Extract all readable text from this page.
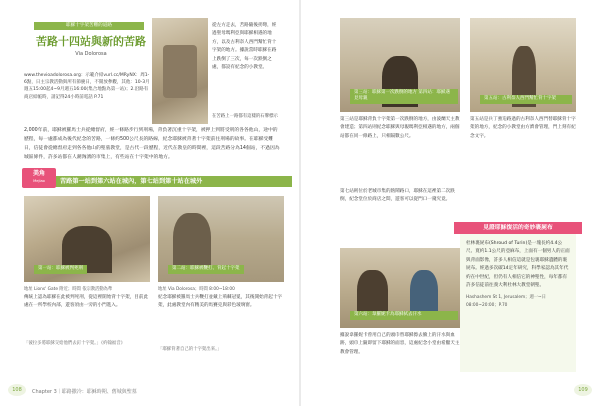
耶穌十字架苦難的道路
苦路十四站與新的苦路
Via Dolorosa
從左方走去，苦路隨後拐彎，經過聖母瑪利亞與耶穌相遇的地方，以及古利奈人西門幫忙背十字架的地方。據說當時耶穌在路上跌倒了三次，每一次跌倒之處，都設有紀念的小教堂。
在苦路上一路都有這樣的石牌標示
www.thevioadolorosa.org：示範介紹vurl.cc/MRyNX：周1-6點，日主宗教活動與所有節慶日，不開放參觀，其他：10-3月週五15:00起4~9月週五16:00(集合地點為第一站)；2.沿路有商店結帳時，請記得24小時前電話 P.71
2,000年前，耶穌被羅馬士兵從總督府，經一條路步行到刑場，背負著沉重十字架，被押上到將受刑的各各他山，途中的歷程，每一處都成為後代紀念的苦路，一條約500公尺長的路線，紀念耶穌被背著十字架前往刑場的故事。在耶穌受難日，信徒會從總督府走到各各他山的聖墓教堂，是古代一段歷程，近代在教皇的時間裡，這段苦路分為14個站，不過因為城區條件，許多站都在人潮洶湧的市集上，有些站在十字架中的地方。
美角
Mejiao	苦路第一站到第六站在城內，第七站到第十站在城外
第一站：耶穌被判死刑	第二站：耶穌被鞭打、背起十字架
地址 Lions' Gate 附近；時間 依宗教活動為準
傳統上認為耶穌在此被判死刑，從這裡開始背十字架，目前此處在一所學校內部，遊客須由一旁的小門進入。
地址 Via Dolorosa；時間 8:00~18:00
紀念耶穌被羅馬士兵鞭打並戴上荊棘冠冕，其後開始背起十字架，此處教堂內有精美的馬賽克與彩色玻璃窗。
「彼拉多將耶穌交給他們去釘十字架。」《約翰福音》
「耶穌背著自己的十字架出來。」
108	Chapter 3｜耶路撒冷：耶穌時期、舊城與聖墓
第三站：耶穌第一次跌倒的地方 第四站：耶穌遇見母親	第五站：古利奈人西門幫忙背十字架
第三站是耶穌背負十字架第一次跌倒的地方，由波蘭天主教會建造；第四站則紀念耶穌與母親瑪利亞相遇的地方，兩個站都在同一條路上，只相隔數公尺。
第五站是兵丁強迫路過的古利奈人西門替耶穌背十字架的地方，紀念的小教堂由方濟會管理，門上刻有紀念文字。
第七站則位於老城市集的熱鬧路口，耶穌在這裡第二次跌倒，紀念堂位於商店之間，遊客可以從門口一窺究竟。
第六站：韋羅妮卡為耶穌拭去汗水
據說韋羅妮卡曾用自己的頭巾替耶穌擦去臉上的汗水與血跡，頭巾上隨即留下耶穌的面容，這處紀念小堂由希臘天主教會管理。
見證耶穌復活的奇妙裹屍布
杜林裹屍布(Shroud of Turin)是一塊長約4.4公尺、寬約1.1公尺的亞麻布，上面有一個男人的正面與背面影像，許多人相信這就是包裹耶穌遺體的裹屍布。經過多次碳14定年研究，科學家認為其年代約在中世紀，但仍有人相信它的神聖性，每年都有許多信徒前往義大利杜林大教堂朝聖。
Hashashem St 1, Jerusalem；週一~日 08:00~20:00；P.70
109
